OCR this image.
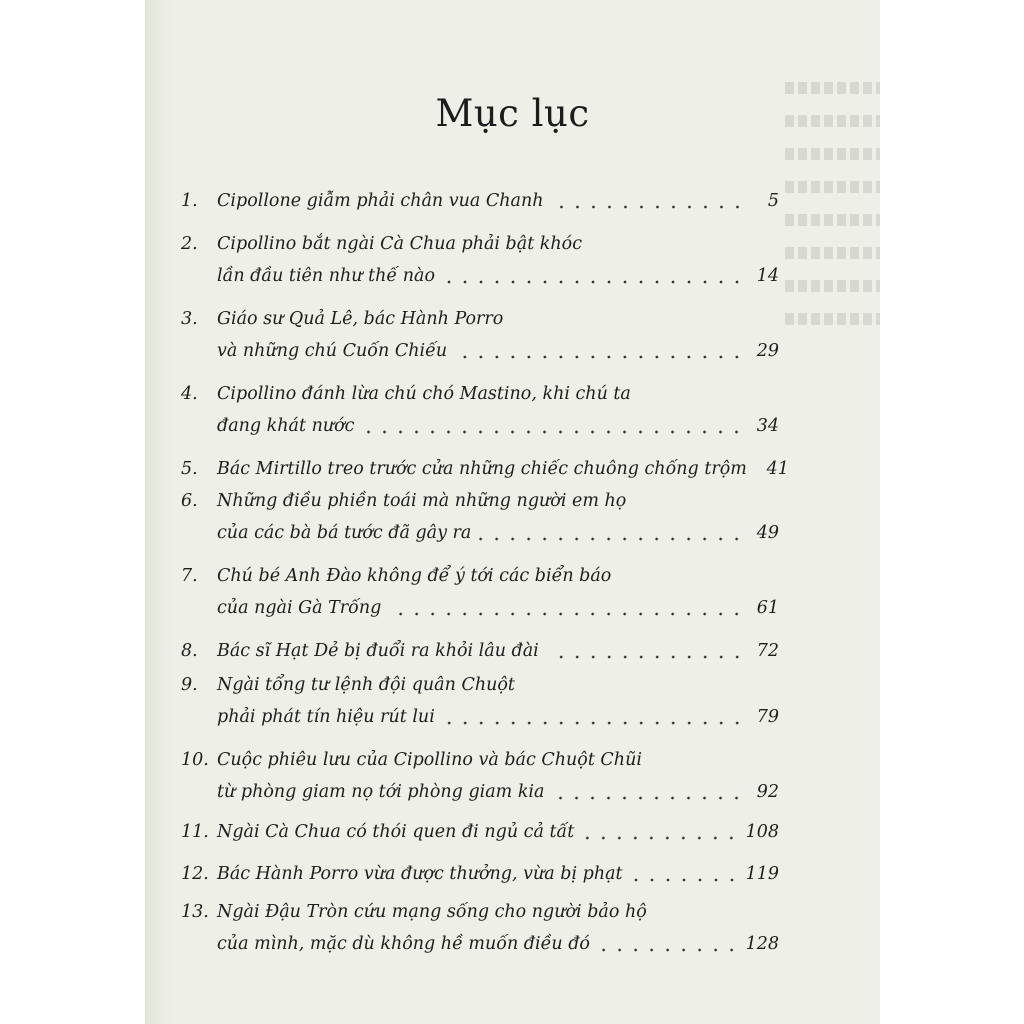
Mục lục
1.	Cipollone giẫm phải chân vua Chanh	5
2.	Cipollino bắt ngài Cà Chua phải bật khóc
lần đầu tiên như thế nào	14
3.	Giáo sư Quả Lê, bác Hành Porro
và những chú Cuốn Chiếu	29
4.	Cipollino đánh lừa chú chó Mastino, khi chú ta
đang khát nước	34
5.	Bác Mirtillo treo trước cửa những chiếc chuông chống trộm	41
6.	Những điều phiền toái mà những người em họ
của các bà bá tước đã gây ra	49
7.	Chú bé Anh Đào không để ý tới các biển báo
của ngài Gà Trống	61
8.	Bác sĩ Hạt Dẻ bị đuổi ra khỏi lâu đài	72
9.	Ngài tổng tư lệnh đội quân Chuột
phải phát tín hiệu rút lui	79
10. Cuộc phiêu lưu của Cipollino và bác Chuột Chũi
từ phòng giam nọ tới phòng giam kia	92
11. Ngài Cà Chua có thói quen đi ngủ cả tất	108
12. Bác Hành Porro vừa được thưởng, vừa bị phạt	119
13. Ngài Đậu Tròn cứu mạng sống cho người bảo hộ
của mình, mặc dù không hề muốn điều đó	128
